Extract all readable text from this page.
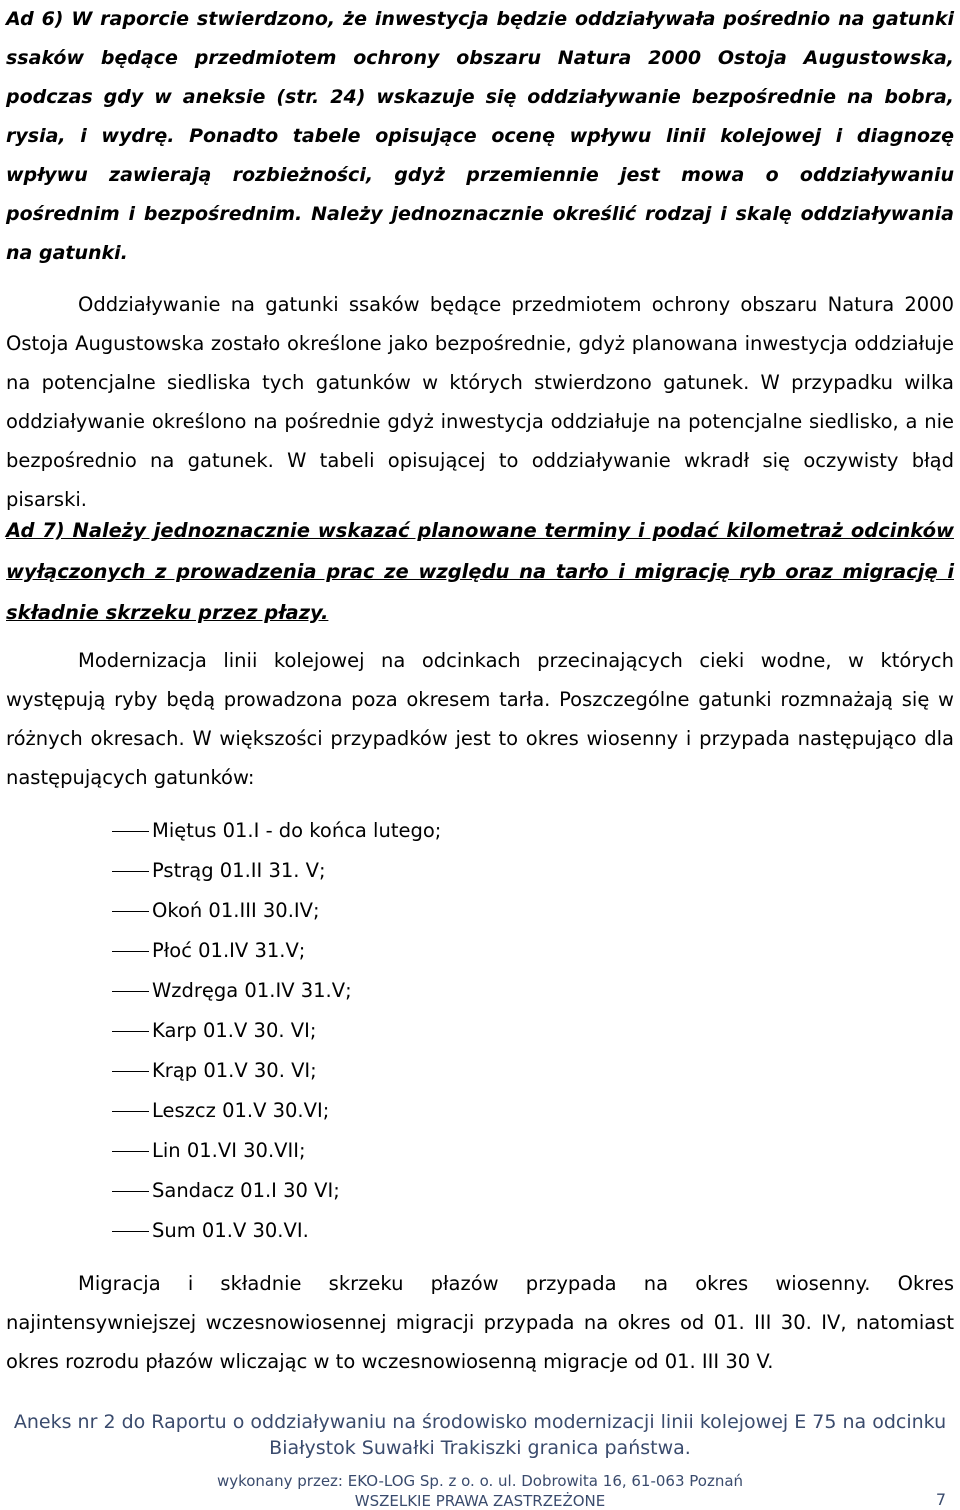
Ad 6) W raporcie stwierdzono, że inwestycja będzie oddziaływała pośrednio na gatunki ssaków będące przedmiotem ochrony obszaru Natura 2000 Ostoja Augustowska, podczas gdy w aneksie (str. 24) wskazuje się oddziaływanie bezpośrednie na bobra, rysia, i wydrę. Ponadto tabele opisujące ocenę wpływu linii kolejowej i diagnozę wpływu zawierają rozbieżności, gdyż przemiennie jest mowa o oddziaływaniu pośrednim i bezpośrednim. Należy jednoznacznie określić rodzaj i skalę oddziaływania na gatunki.

Oddziaływanie na gatunki ssaków będące przedmiotem ochrony obszaru Natura 2000 Ostoja Augustowska zostało określone jako bezpośrednie, gdyż planowana inwestycja oddziałuje na potencjalne siedliska tych gatunków w których stwierdzono gatunek. W przypadku wilka oddziaływanie określono na pośrednie gdyż inwestycja oddziałuje na potencjalne siedlisko, a nie bezpośrednio na gatunek. W tabeli opisującej to oddziaływanie wkradł się oczywisty błąd pisarski.

Ad 7) Należy jednoznacznie wskazać planowane terminy i podać kilometraż odcinków wyłączonych z prowadzenia prac ze względu na tarło i migrację ryb oraz migrację i składnie skrzeku przez płazy.

Modernizacja linii kolejowej na odcinkach przecinających cieki wodne, w których występują ryby będą prowadzona poza okresem tarła. Poszczególne gatunki rozmnażają się w różnych okresach. W większości przypadków jest to okres wiosenny i przypada następująco dla następujących gatunków:

Miętus 01.I - do końca lutego;
Pstrąg 01.II 31. V;
Okoń 01.III 30.IV;
Płoć 01.IV 31.V;
Wzdręga 01.IV 31.V;
Karp 01.V 30. VI;
Krąp 01.V 30. VI;
Leszcz 01.V 30.VI;
Lin 01.VI 30.VII;
Sandacz 01.I 30 VI;
Sum 01.V 30.VI.

Migracja i składnie skrzeku płazów przypada na okres wiosenny. Okres najintensywniejszej wczesnowiosennej migracji przypada na okres od 01. III 30. IV, natomiast okres rozrodu płazów wliczając w to wczesnowiosenną migracje od 01. III 30 V.

Aneks nr 2 do Raportu o oddziaływaniu na środowisko modernizacji linii kolejowej E 75 na odcinku
Białystok Suwałki Trakiszki granica państwa.
wykonany przez: EKO-LOG Sp. z o. o. ul. Dobrowita 16, 61-063 Poznań
WSZELKIE PRAWA ZASTRZEŻONE	7
